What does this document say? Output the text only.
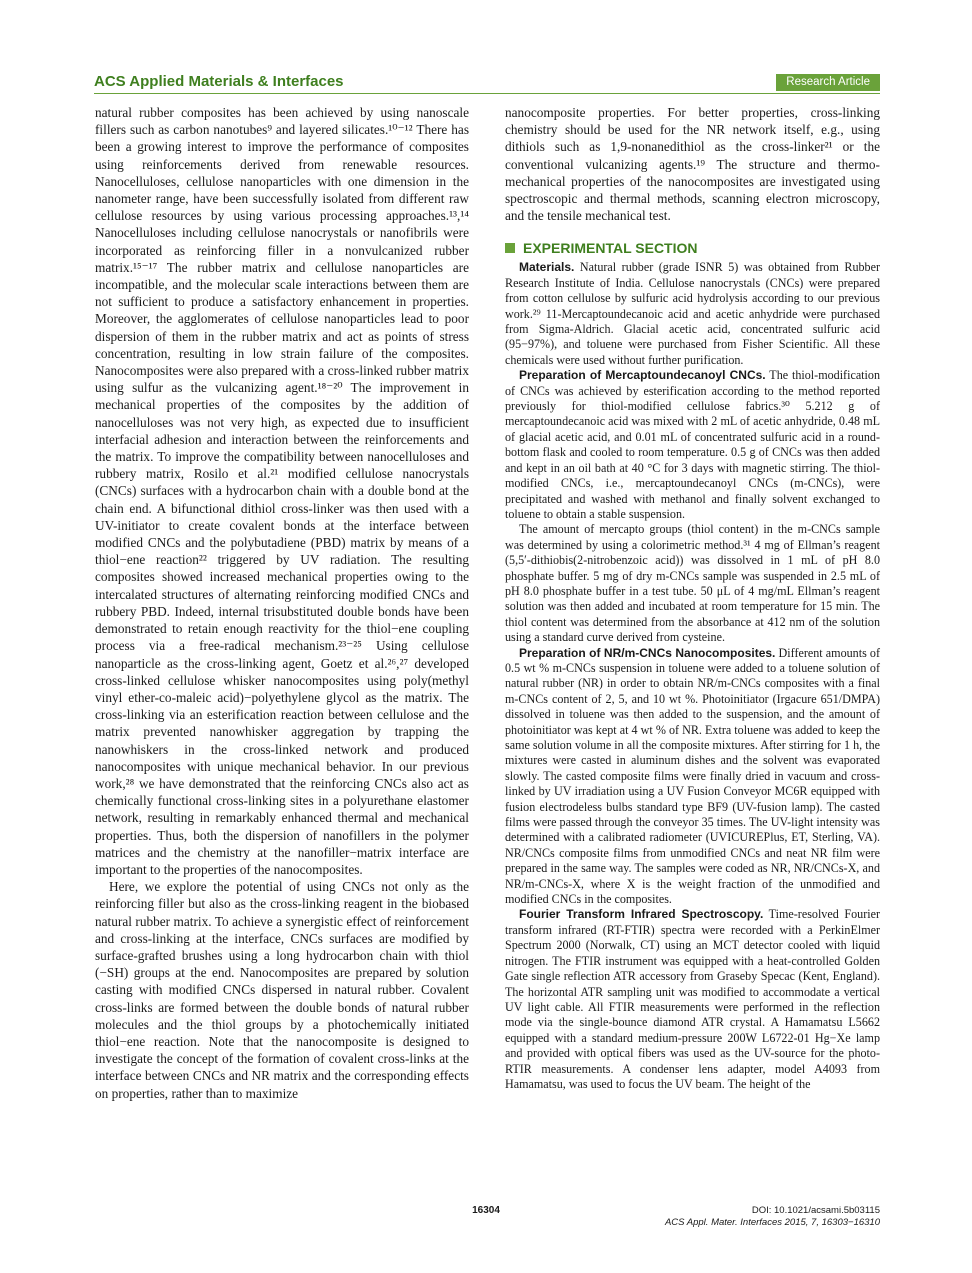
ACS Applied Materials & Interfaces	Research Article

natural rubber composites has been achieved by using nanoscale fillers such as carbon nanotubes⁹ and layered silicates.¹⁰⁻¹² There has been a growing interest to improve the performance of composites using reinforcements derived from renewable resources. Nanocelluloses, cellulose nanoparticles with one dimension in the nanometer range, have been successfully isolated from different raw cellulose resources by using various processing approaches.¹³,¹⁴ Nanocelluloses including cellulose nanocrystals or nanofibrils were incorporated as reinforcing filler in a nonvulcanized rubber matrix.¹⁵⁻¹⁷ The rubber matrix and cellulose nanoparticles are incompatible, and the molecular scale interactions between them are not sufficient to produce a satisfactory enhancement in properties. Moreover, the agglomerates of cellulose nanoparticles lead to poor dispersion of them in the rubber matrix and act as points of stress concentration, resulting in low strain failure of the composites. Nanocomposites were also prepared with a cross-linked rubber matrix using sulfur as the vulcanizing agent.¹⁸⁻²⁰ The improvement in mechanical properties of the composites by the addition of nanocelluloses was not very high, as expected due to insufficient interfacial adhesion and interaction between the reinforcements and the matrix. To improve the compatibility between nanocelluloses and rubbery matrix, Rosilo et al.²¹ modified cellulose nanocrystals (CNCs) surfaces with a hydrocarbon chain with a double bond at the chain end. A bifunctional dithiol cross-linker was then used with a UV-initiator to create covalent bonds at the interface between modified CNCs and the polybutadiene (PBD) matrix by means of a thiol−ene reaction²² triggered by UV radiation. The resulting composites showed increased mechanical properties owing to the intercalated structures of alternating reinforcing modified CNCs and rubbery PBD. Indeed, internal trisubstituted double bonds have been demonstrated to retain enough reactivity for the thiol−ene coupling process via a free-radical mechanism.²³⁻²⁵ Using cellulose nanoparticle as the cross-linking agent, Goetz et al.²⁶,²⁷ developed cross-linked cellulose whisker nanocomposites using poly(methyl vinyl ether-co-maleic acid)−polyethylene glycol as the matrix. The cross-linking via an esterification reaction between cellulose and the matrix prevented nanowhisker aggregation by trapping the nanowhiskers in the cross-linked network and produced nanocomposites with unique mechanical behavior. In our previous work,²⁸ we have demonstrated that the reinforcing CNCs also act as chemically functional cross-linking sites in a polyurethane elastomer network, resulting in remarkably enhanced thermal and mechanical properties. Thus, both the dispersion of nanofillers in the polymer matrices and the chemistry at the nanofiller−matrix interface are important to the properties of the nanocomposites.

Here, we explore the potential of using CNCs not only as the reinforcing filler but also as the cross-linking reagent in the biobased natural rubber matrix. To achieve a synergistic effect of reinforcement and cross-linking at the interface, CNCs surfaces are modified by surface-grafted brushes using a long hydrocarbon chain with thiol (−SH) groups at the end. Nanocomposites are prepared by solution casting with modified CNCs dispersed in natural rubber. Covalent cross-links are formed between the double bonds of natural rubber molecules and the thiol groups by a photochemically initiated thiol−ene reaction. Note that the nanocomposite is designed to investigate the concept of the formation of covalent cross-links at the interface between CNCs and NR matrix and the corresponding effects on properties, rather than to maximize

nanocomposite properties. For better properties, cross-linking chemistry should be used for the NR network itself, e.g., using dithiols such as 1,9-nonanedithiol as the cross-linker²¹ or the conventional vulcanizing agents.¹⁹ The structure and thermo-mechanical properties of the nanocomposites are investigated using spectroscopic and thermal methods, scanning electron microscopy, and the tensile mechanical test.

EXPERIMENTAL SECTION

Materials. Natural rubber (grade ISNR 5) was obtained from Rubber Research Institute of India. Cellulose nanocrystals (CNCs) were prepared from cotton cellulose by sulfuric acid hydrolysis according to our previous work.²⁹ 11-Mercaptoundecanoic acid and acetic anhydride were purchased from Sigma-Aldrich. Glacial acetic acid, concentrated sulfuric acid (95−97%), and toluene were purchased from Fisher Scientific. All these chemicals were used without further purification.

Preparation of Mercaptoundecanoyl CNCs. The thiol-modification of CNCs was achieved by esterification according to the method reported previously for thiol-modified cellulose fabrics.³⁰ 5.212 g of mercaptoundecanoic acid was mixed with 2 mL of acetic anhydride, 0.48 mL of glacial acetic acid, and 0.01 mL of concentrated sulfuric acid in a round-bottom flask and cooled to room temperature. 0.5 g of CNCs was then added and kept in an oil bath at 40 °C for 3 days with magnetic stirring. The thiol-modified CNCs, i.e., mercaptoundecanoyl CNCs (m-CNCs), were precipitated and washed with methanol and finally solvent exchanged to toluene to obtain a stable suspension.

The amount of mercapto groups (thiol content) in the m-CNCs sample was determined by using a colorimetric method.³¹ 4 mg of Ellman’s reagent (5,5′-dithiobis(2-nitrobenzoic acid)) was dissolved in 1 mL of pH 8.0 phosphate buffer. 5 mg of dry m-CNCs sample was suspended in 2.5 mL of pH 8.0 phosphate buffer in a test tube. 50 μL of 4 mg/mL Ellman’s reagent solution was then added and incubated at room temperature for 15 min. The thiol content was determined from the absorbance at 412 nm of the solution using a standard curve derived from cysteine.

Preparation of NR/m-CNCs Nanocomposites. Different amounts of 0.5 wt % m-CNCs suspension in toluene were added to a toluene solution of natural rubber (NR) in order to obtain NR/m-CNCs composites with a final m-CNCs content of 2, 5, and 10 wt %. Photoinitiator (Irgacure 651/DMPA) dissolved in toluene was then added to the suspension, and the amount of photoinitiator was kept at 4 wt % of NR. Extra toluene was added to keep the same solution volume in all the composite mixtures. After stirring for 1 h, the mixtures were casted in aluminum dishes and the solvent was evaporated slowly. The casted composite films were finally dried in vacuum and cross-linked by UV irradiation using a UV Fusion Conveyor MC6R equipped with fusion electrodeless bulbs standard type BF9 (UV-fusion lamp). The casted films were passed through the conveyor 35 times. The UV-light intensity was determined with a calibrated radiometer (UVICUREPlus, ET, Sterling, VA). NR/CNCs composite films from unmodified CNCs and neat NR film were prepared in the same way. The samples were coded as NR, NR/CNCs-X, and NR/m-CNCs-X, where X is the weight fraction of the unmodified and modified CNCs in the composites.

Fourier Transform Infrared Spectroscopy. Time-resolved Fourier transform infrared (RT-FTIR) spectra were recorded with a PerkinElmer Spectrum 2000 (Norwalk, CT) using an MCT detector cooled with liquid nitrogen. The FTIR instrument was equipped with a heat-controlled Golden Gate single reflection ATR accessory from Graseby Specac (Kent, England). The horizontal ATR sampling unit was modified to accommodate a vertical UV light cable. All FTIR measurements were performed in the reflection mode via the single-bounce diamond ATR crystal. A Hamamatsu L5662 equipped with a standard medium-pressure 200W L6722-01 Hg−Xe lamp and provided with optical fibers was used as the UV-source for the photo-RTIR measurements. A condenser lens adapter, model A4093 from Hamamatsu, was used to focus the UV beam. The height of the

16304	DOI: 10.1021/acsami.5b03115
ACS Appl. Mater. Interfaces 2015, 7, 16303−16310
